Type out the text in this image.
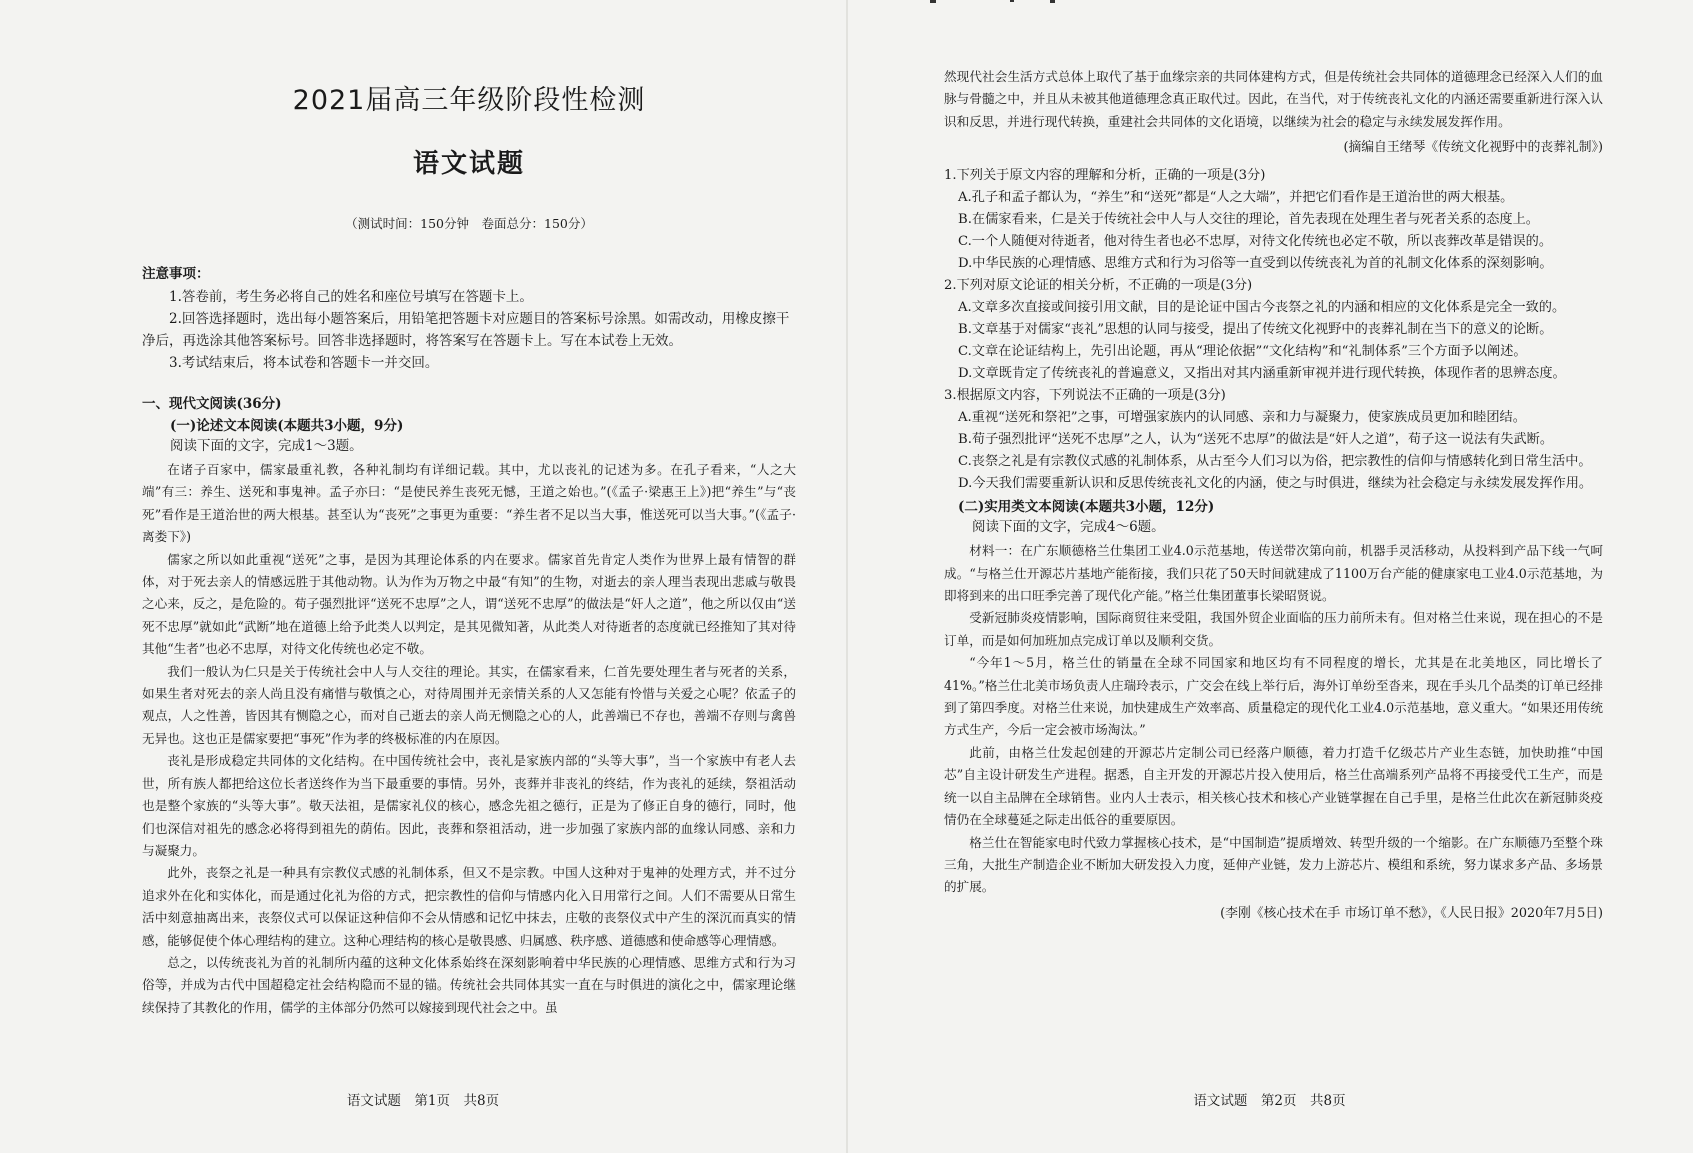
2021届高三年级阶段性检测
语文试题
（测试时间：150分钟　卷面总分：150分）
注意事项：

1.答卷前，考生务必将自己的姓名和座位号填写在答题卡上。

2.回答选择题时，选出每小题答案后，用铅笔把答题卡对应题目的答案标号涂黑。如需改动，用橡皮擦干净后，再选涂其他答案标号。回答非选择题时，将答案写在答题卡上。写在本试卷上无效。

3.考试结束后，将本试卷和答题卡一并交回。

一、现代文阅读(36分)
(一)论述文本阅读(本题共3小题，9分)
阅读下面的文字，完成1～3题。

在诸子百家中，儒家最重礼教，各种礼制均有详细记载。其中，尤以丧礼的记述为多。在孔子看来，“人之大端”有三：养生、送死和事鬼神。孟子亦曰：“是使民养生丧死无憾，王道之始也。”(《孟子·梁惠王上》)把“养生”与“丧死”看作是王道治世的两大根基。甚至认为“丧死”之事更为重要：“养生者不足以当大事，惟送死可以当大事。”(《孟子·离娄下》)

儒家之所以如此重视“送死”之事，是因为其理论体系的内在要求。儒家首先肯定人类作为世界上最有情智的群体，对于死去亲人的情感远胜于其他动物。认为作为万物之中最“有知”的生物，对逝去的亲人理当表现出悲戚与敬畏之心来，反之，是危险的。荀子强烈批评“送死不忠厚”之人，谓“送死不忠厚”的做法是“奸人之道”，他之所以仅由“送死不忠厚”就如此“武断”地在道德上给予此类人以判定，是其见微知著，从此类人对待逝者的态度就已经推知了其对待其他“生者”也必不忠厚，对待文化传统也必定不敬。

我们一般认为仁只是关于传统社会中人与人交往的理论。其实，在儒家看来，仁首先要处理生者与死者的关系，如果生者对死去的亲人尚且没有痛惜与敬慎之心，对待周围并无亲情关系的人又怎能有怜惜与关爱之心呢？依孟子的观点，人之性善，皆因其有恻隐之心，而对自己逝去的亲人尚无恻隐之心的人，此善端已不存也，善端不存则与禽兽无异也。这也正是儒家要把“事死”作为孝的终极标准的内在原因。

丧礼是形成稳定共同体的文化结构。在中国传统社会中，丧礼是家族内部的“头等大事”，当一个家族中有老人去世，所有族人都把给这位长者送终作为当下最重要的事情。另外，丧葬并非丧礼的终结，作为丧礼的延续，祭祖活动也是整个家族的“头等大事”。敬天法祖，是儒家礼仪的核心，感念先祖之德行，正是为了修正自身的德行，同时，他们也深信对祖先的感念必将得到祖先的荫佑。因此，丧葬和祭祖活动，进一步加强了家族内部的血缘认同感、亲和力与凝聚力。

此外，丧祭之礼是一种具有宗教仪式感的礼制体系，但又不是宗教。中国人这种对于鬼神的处理方式，并不过分追求外在化和实体化，而是通过化礼为俗的方式，把宗教性的信仰与情感内化入日用常行之间。人们不需要从日常生活中刻意抽离出来，丧祭仪式可以保证这种信仰不会从情感和记忆中抹去，庄敬的丧祭仪式中产生的深沉而真实的情感，能够促使个体心理结构的建立。这种心理结构的核心是敬畏感、归属感、秩序感、道德感和使命感等心理情感。

总之，以传统丧礼为首的礼制所内蕴的这种文化体系始终在深刻影响着中华民族的心理情感、思维方式和行为习俗等，并成为古代中国超稳定社会结构隐而不显的锚。传统社会共同体其实一直在与时俱进的演化之中，儒家理论继续保持了其教化的作用，儒学的主体部分仍然可以嫁接到现代社会之中。虽

语文试题　第1页　共8页

然现代社会生活方式总体上取代了基于血缘宗亲的共同体建构方式，但是传统社会共同体的道德理念已经深入人们的血脉与骨髓之中，并且从未被其他道德理念真正取代过。因此，在当代，对于传统丧礼文化的内涵还需要重新进行深入认识和反思，并进行现代转换，重建社会共同体的文化语境，以继续为社会的稳定与永续发展发挥作用。

(摘编自王绪琴《传统文化视野中的丧葬礼制》)

1.下列关于原文内容的理解和分析，正确的一项是(3分)

A.孔子和孟子都认为，“养生”和“送死”都是“人之大端”，并把它们看作是王道治世的两大根基。

B.在儒家看来，仁是关于传统社会中人与人交往的理论，首先表现在处理生者与死者关系的态度上。

C.一个人随便对待逝者，他对待生者也必不忠厚，对待文化传统也必定不敬，所以丧葬改革是错误的。

D.中华民族的心理情感、思维方式和行为习俗等一直受到以传统丧礼为首的礼制文化体系的深刻影响。

2.下列对原文论证的相关分析，不正确的一项是(3分)

A.文章多次直接或间接引用文献，目的是论证中国古今丧祭之礼的内涵和相应的文化体系是完全一致的。

B.文章基于对儒家“丧礼”思想的认同与接受，提出了传统文化视野中的丧葬礼制在当下的意义的论断。

C.文章在论证结构上，先引出论题，再从“理论依据”“文化结构”和“礼制体系”三个方面予以阐述。

D.文章既肯定了传统丧礼的普遍意义，又指出对其内涵重新审视并进行现代转换，体现作者的思辨态度。

3.根据原文内容，下列说法不正确的一项是(3分)

A.重视“送死和祭祀”之事，可增强家族内的认同感、亲和力与凝聚力，使家族成员更加和睦团结。

B.荀子强烈批评“送死不忠厚”之人，认为“送死不忠厚”的做法是“奸人之道”，荀子这一说法有失武断。

C.丧祭之礼是有宗教仪式感的礼制体系，从古至今人们习以为俗，把宗教性的信仰与情感转化到日常生活中。

D.今天我们需要重新认识和反思传统丧礼文化的内涵，使之与时俱进，继续为社会稳定与永续发展发挥作用。

(二)实用类文本阅读(本题共3小题，12分)
阅读下面的文字，完成4～6题。

材料一：在广东顺德格兰仕集团工业4.0示范基地，传送带次第向前，机器手灵活移动，从投料到产品下线一气呵成。“与格兰仕开源芯片基地产能衔接，我们只花了50天时间就建成了1100万台产能的健康家电工业4.0示范基地，为即将到来的出口旺季完善了现代化产能。”格兰仕集团董事长梁昭贤说。

受新冠肺炎疫情影响，国际商贸往来受阻，我国外贸企业面临的压力前所未有。但对格兰仕来说，现在担心的不是订单，而是如何加班加点完成订单以及顺利交货。

“今年1～5月，格兰仕的销量在全球不同国家和地区均有不同程度的增长，尤其是在北美地区，同比增长了41%。”格兰仕北美市场负责人庄瑞玲表示，广交会在线上举行后，海外订单纷至沓来，现在手头几个品类的订单已经排到了第四季度。对格兰仕来说，加快建成生产效率高、质量稳定的现代化工业4.0示范基地，意义重大。“如果还用传统方式生产，今后一定会被市场淘汰。”

此前，由格兰仕发起创建的开源芯片定制公司已经落户顺德，着力打造千亿级芯片产业生态链，加快助推“中国芯”自主设计研发生产进程。据悉，自主开发的开源芯片投入使用后，格兰仕高端系列产品将不再接受代工生产，而是统一以自主品牌在全球销售。业内人士表示，相关核心技术和核心产业链掌握在自己手里，是格兰仕此次在新冠肺炎疫情仍在全球蔓延之际走出低谷的重要原因。

格兰仕在智能家电时代致力掌握核心技术，是“中国制造”提质增效、转型升级的一个缩影。在广东顺德乃至整个珠三角，大批生产制造企业不断加大研发投入力度，延伸产业链，发力上游芯片、模组和系统，努力谋求多产品、多场景的扩展。

(李刚《核心技术在手 市场订单不愁》，《人民日报》2020年7月5日)
语文试题　第2页　共8页
